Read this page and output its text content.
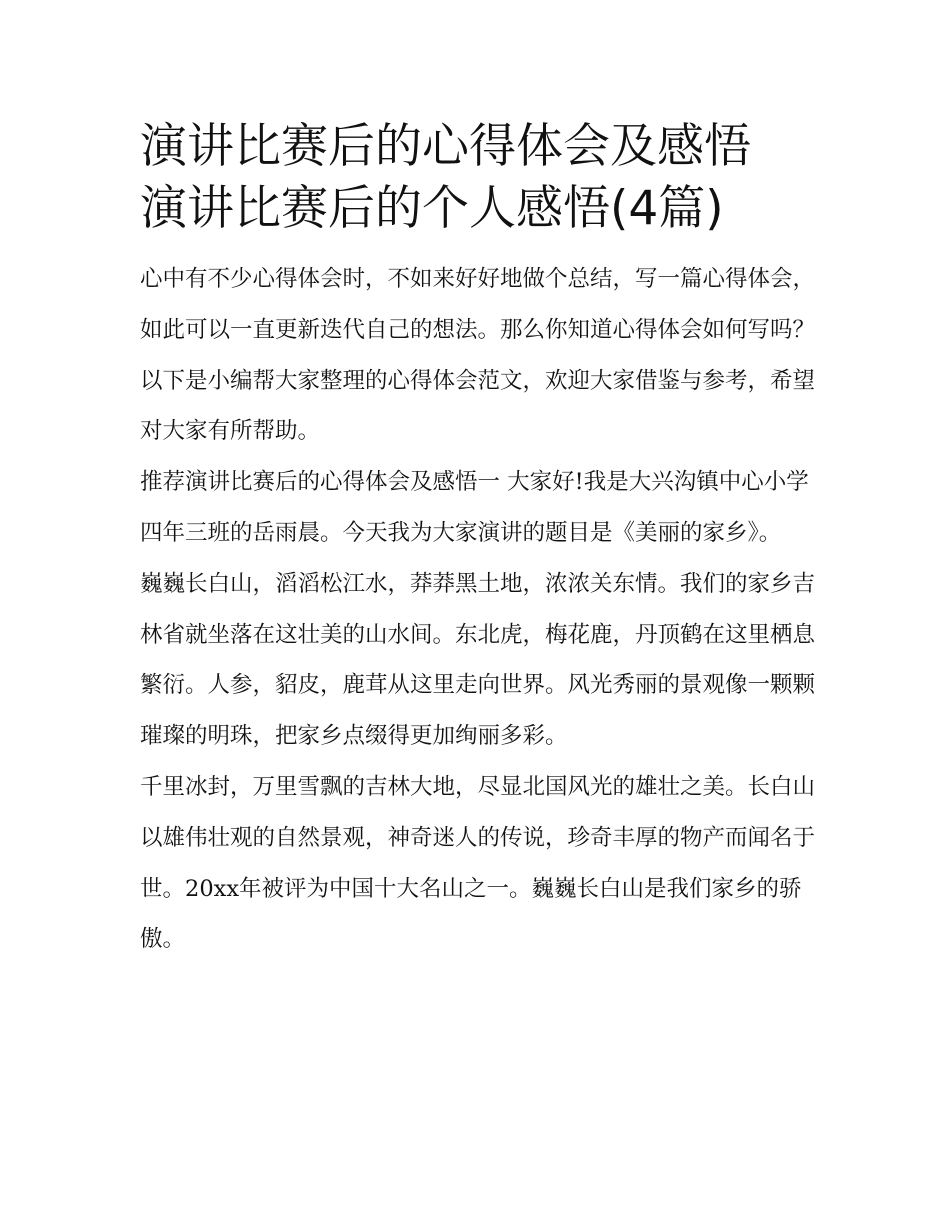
演讲比赛后的心得体会及感悟
演讲比赛后的个人感悟(4篇)

心中有不少心得体会时，不如来好好地做个总结，写一篇心得体会，如此可以一直更新迭代自己的想法。那么你知道心得体会如何写吗？以下是小编帮大家整理的心得体会范文，欢迎大家借鉴与参考，希望对大家有所帮助。

推荐演讲比赛后的心得体会及感悟一 大家好!我是大兴沟镇中心小学四年三班的岳雨晨。今天我为大家演讲的题目是《美丽的家乡》。

巍巍长白山，滔滔松江水，莽莽黑土地，浓浓关东情。我们的家乡吉林省就坐落在这壮美的山水间。东北虎，梅花鹿，丹顶鹤在这里栖息繁衍。人参，貂皮，鹿茸从这里走向世界。风光秀丽的景观像一颗颗璀璨的明珠，把家乡点缀得更加绚丽多彩。

千里冰封，万里雪飘的吉林大地，尽显北国风光的雄壮之美。长白山以雄伟壮观的自然景观，神奇迷人的传说，珍奇丰厚的物产而闻名于世。20xx年被评为中国十大名山之一。巍巍长白山是我们家乡的骄傲。
